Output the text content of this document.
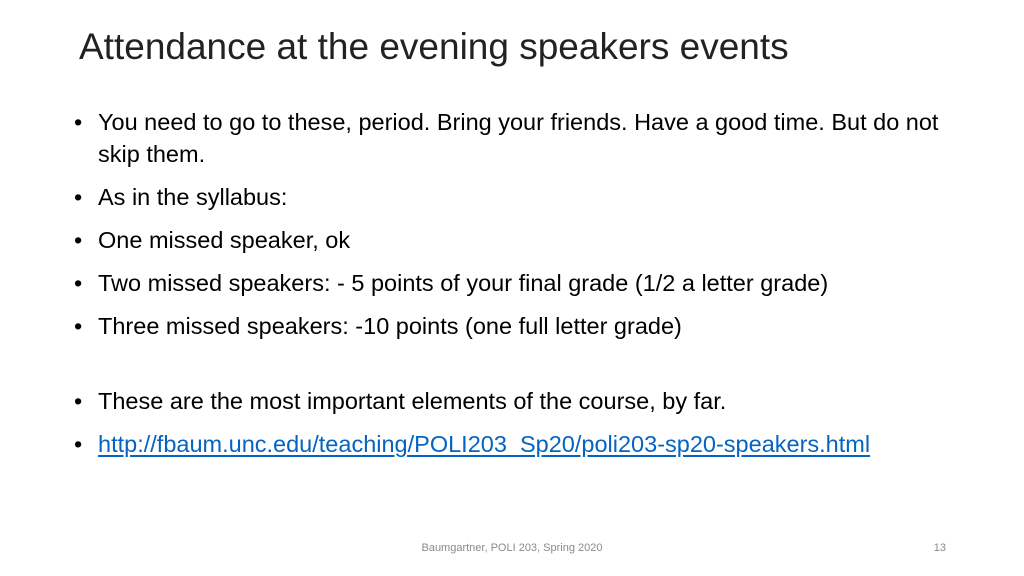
Attendance at the evening speakers events
• You need to go to these, period. Bring your friends. Have a good time. But do not skip them.
• As in the syllabus:
• One missed speaker, ok
• Two missed speakers: - 5 points of your final grade (1/2 a letter grade)
• Three missed speakers: -10 points (one full letter grade)
• These are the most important elements of the course, by far.
• http://fbaum.unc.edu/teaching/POLI203_Sp20/poli203-sp20-speakers.html

Baumgartner, POLI 203, Spring 2020	13
